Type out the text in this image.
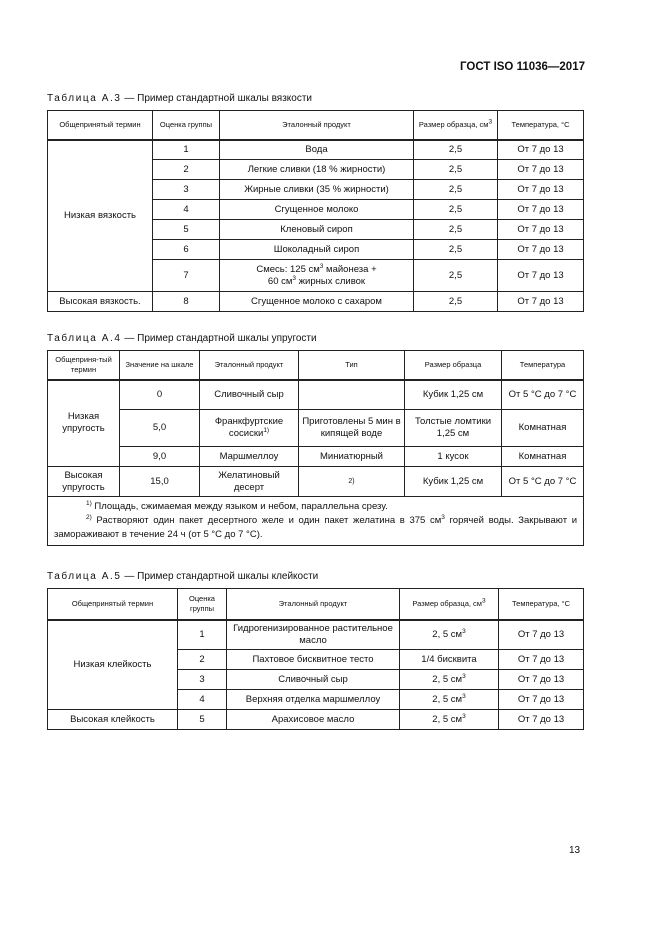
ГОСТ ISO 11036—2017
Таблица А.3 — Пример стандартной шкалы вязкости
Общепринятый термин	Оценка группы	Эталонный продукт	Размер образца, $см^3$	Температура, °С
Низкая вязкость	1	Вода	2,5	От 7 до 13
	2	Легкие сливки (18 % жирности)	2,5	От 7 до 13
	3	Жирные сливки (35 % жирности)	2,5	От 7 до 13
	4	Сгущенное молоко	2,5	От 7 до 13
	5	Кленовый сироп	2,5	От 7 до 13
	6	Шоколадный сироп	2,5	От 7 до 13
	7	Смесь: 125 $см^3$ майонеза +
60 $см^3$ жирных сливок	2,5	От 7 до 13
Высокая вязкость.	8	Сгущенное молоко с сахаром	2,5	От 7 до 13
Таблица А.4 — Пример стандартной шкалы упругости
Общеприня-тый термин	Значение на шкале	Эталонный продукт	Тип	Размер образца	Температура
Низкая упругость	0	Сливочный сыр		Кубик 1,25 см	От 5 °С до 7 °С
	5,0	Франкфуртские сосиски$^{1)}$	Приготовлены 5 мин в кипящей воде	Толстые ломтики 1,25 см	Комнатная
	9,0	Маршмеллоу	Миниатюрный	1 кусок	Комнатная
Высокая упругость	15,0	Желатиновый десерт	2)	Кубик 1,25 см	От 5 °С до 7 °С

$^{1)}$ Площадь, сжимаемая между языком и небом, параллельна срезу.
$^{2)}$ Растворяют один пакет десертного желе и один пакет желатина в 375 $см^3$ горячей воды. Закрывают и замораживают в течение 24 ч (от 5 °С до 7 °С).					
Таблица А.5 — Пример стандартной шкалы клейкости
Общепринятый термин	Оценка группы	Эталонный продукт	Размер образца, $см^3$	Температура, °С
Низкая клейкость	1	Гидрогенизированное растительное масло	2, 5 $см^3$	От 7 до 13
	2	Пахтовое бисквитное тесто	1/4 бисквита	От 7 до 13
	3	Сливочный сыр	2, 5 $см^3$	От 7 до 13
	4	Верхняя отделка маршмеллоу	2, 5 $см^3$	От 7 до 13
Высокая клейкость	5	Арахисовое масло	2, 5 $см^3$	От 7 до 13
13
